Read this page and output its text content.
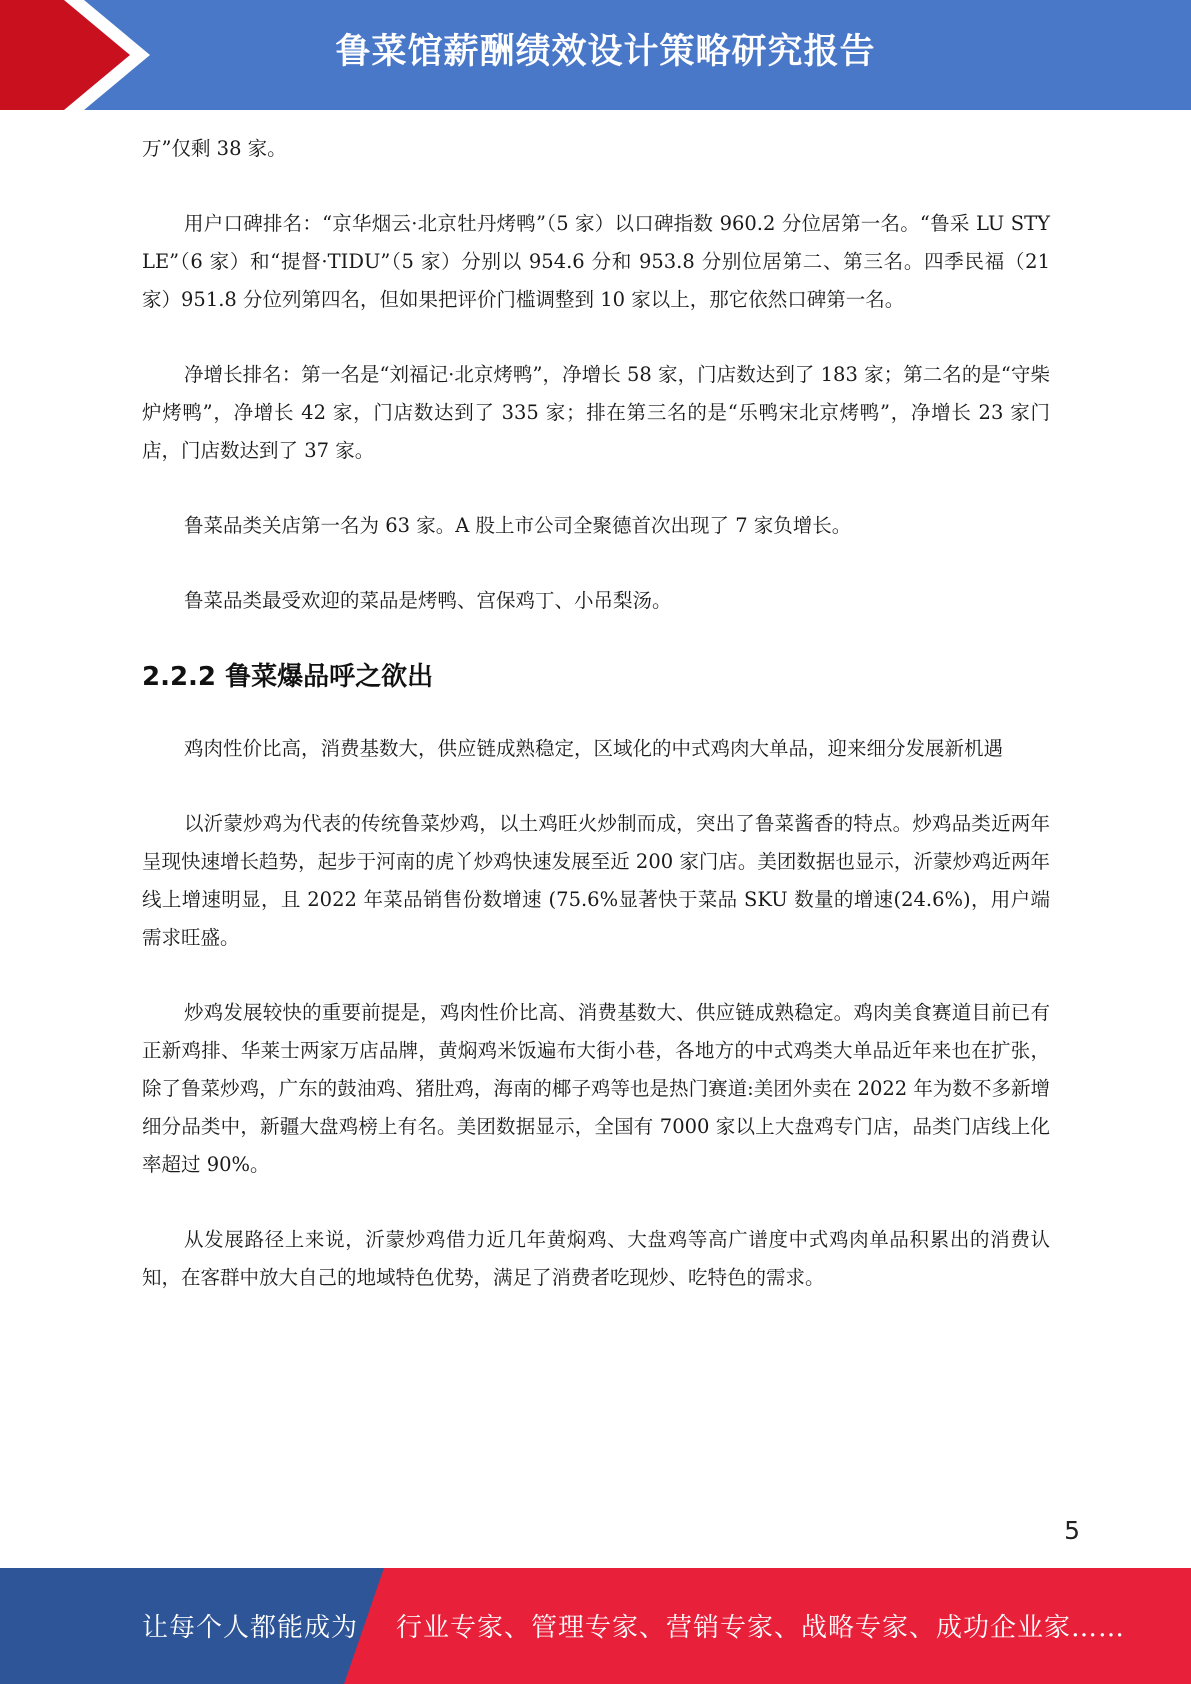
鲁菜馆薪酬绩效设计策略研究报告

万”仅剩 38 家。

用户口碑排名：“京华烟云·北京牡丹烤鸭”（5 家）以口碑指数 960.2 分位居第一名。“鲁采 LU STYLE”（6 家）和“提督·TIDU”（5 家）分别以 954.6 分和 953.8 分别位居第二、第三名。四季民福（21 家）951.8 分位列第四名，但如果把评价门槛调整到 10 家以上，那它依然口碑第一名。

净增长排名：第一名是“刘福记·北京烤鸭”，净增长 58 家，门店数达到了 183 家；第二名的是“守柴炉烤鸭”，净增长 42 家，门店数达到了 335 家；排在第三名的是“乐鸭宋北京烤鸭”，净增长 23 家门店，门店数达到了 37 家。

鲁菜品类关店第一名为 63 家。A 股上市公司全聚德首次出现了 7 家负增长。

鲁菜品类最受欢迎的菜品是烤鸭、宫保鸡丁、小吊梨汤。

2.2.2 鲁菜爆品呼之欲出

鸡肉性价比高，消费基数大，供应链成熟稳定，区域化的中式鸡肉大单品，迎来细分发展新机遇

以沂蒙炒鸡为代表的传统鲁菜炒鸡，以土鸡旺火炒制而成，突出了鲁菜酱香的特点。炒鸡品类近两年呈现快速增长趋势，起步于河南的虎丫炒鸡快速发展至近 200 家门店。美团数据也显示，沂蒙炒鸡近两年线上增速明显，且 2022 年菜品销售份数增速 (75.6%显著快于菜品 SKU 数量的增速(24.6%)，用户端需求旺盛。

炒鸡发展较快的重要前提是，鸡肉性价比高、消费基数大、供应链成熟稳定。鸡肉美食赛道目前已有正新鸡排、华莱士两家万店品牌，黄焖鸡米饭遍布大街小巷，各地方的中式鸡类大单品近年来也在扩张，除了鲁菜炒鸡，广东的鼓油鸡、猪肚鸡，海南的椰子鸡等也是热门赛道:美团外卖在 2022 年为数不多新增细分品类中，新疆大盘鸡榜上有名。美团数据显示，全国有 7000 家以上大盘鸡专门店，品类门店线上化率超过 90%。

从发展路径上来说，沂蒙炒鸡借力近几年黄焖鸡、大盘鸡等高广谱度中式鸡肉单品积累出的消费认知，在客群中放大自己的地域特色优势，满足了消费者吃现炒、吃特色的需求。

5
让每个人都能成为 行业专家、管理专家、营销专家、战略专家、成功企业家……
